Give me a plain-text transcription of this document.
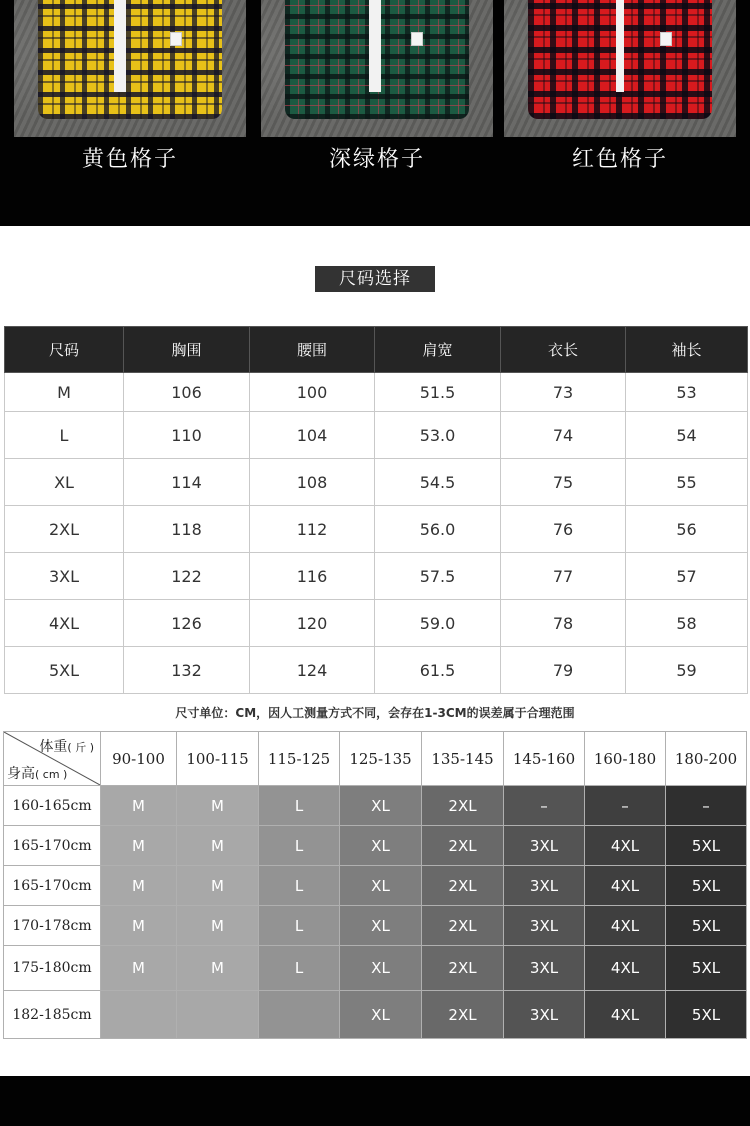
黄色格子	深绿格子	红色格子
尺码选择
尺码	胸围	腰围	肩宽	衣长	袖长
M	106	100	51.5	73	53
L	110	104	53.0	74	54
XL	114	108	54.5	75	55
2XL	118	112	56.0	76	56
3XL	122	116	57.5	77	57
4XL	126	120	59.0	78	58
5XL	132	124	61.5	79	59
尺寸单位：CM，因人工测量方式不同，会存在1-3CM的误差属于合理范围
体重( 斤 )
身高( cm )	90-100	100-115	115-125	125-135	135-145	145-160	160-180	180-200
160-165cm	M	M	L	XL	2XL	–	–	–
165-170cm	M	M	L	XL	2XL	3XL	4XL	5XL
165-170cm	M	M	L	XL	2XL	3XL	4XL	5XL
170-178cm	M	M	L	XL	2XL	3XL	4XL	5XL
175-180cm	M	M	L	XL	2XL	3XL	4XL	5XL
182-185cm				XL	2XL	3XL	4XL	5XL
